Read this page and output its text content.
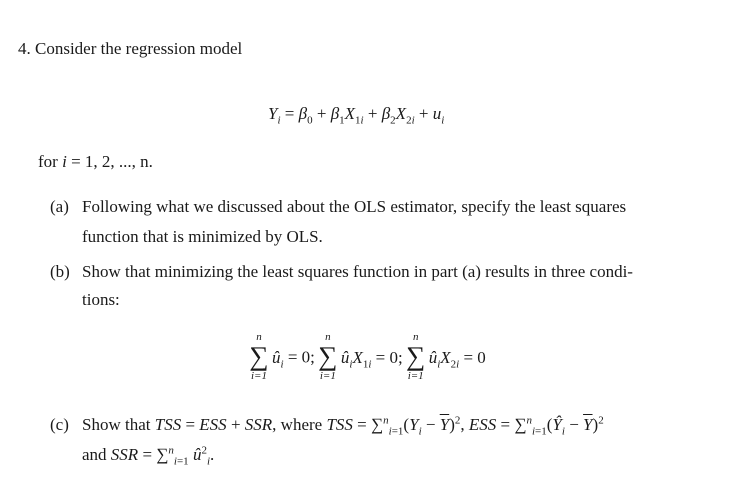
4. Consider the regression model
$Y_i = \beta_0 + \beta_1X_{1i} + \beta_2X_{2i} + u_i$
for i = 1, 2, ..., n.
(a) Following what we discussed about the OLS estimator, specify the least squares
function that is minimized by OLS.
(b) Show that minimizing the least squares function in part (a) results in three condi-
tions:
n
∑
i=1
$û_i = 0$;
n
∑
i=1
$û_iX_{1i} = 0$;
n
∑
i=1
$û_iX_{2i} = 0$
(c) Show that TSS = ESS + SSR, where TSS = $\sum^n_{i=1}(Y_i - \overline{Y})^2$, ESS = $\sum^n_{i=1}(Ŷ_i - \overline{Y})^2$
and SSR = ∑$^n_{i=1}$ $û^2_i$.
